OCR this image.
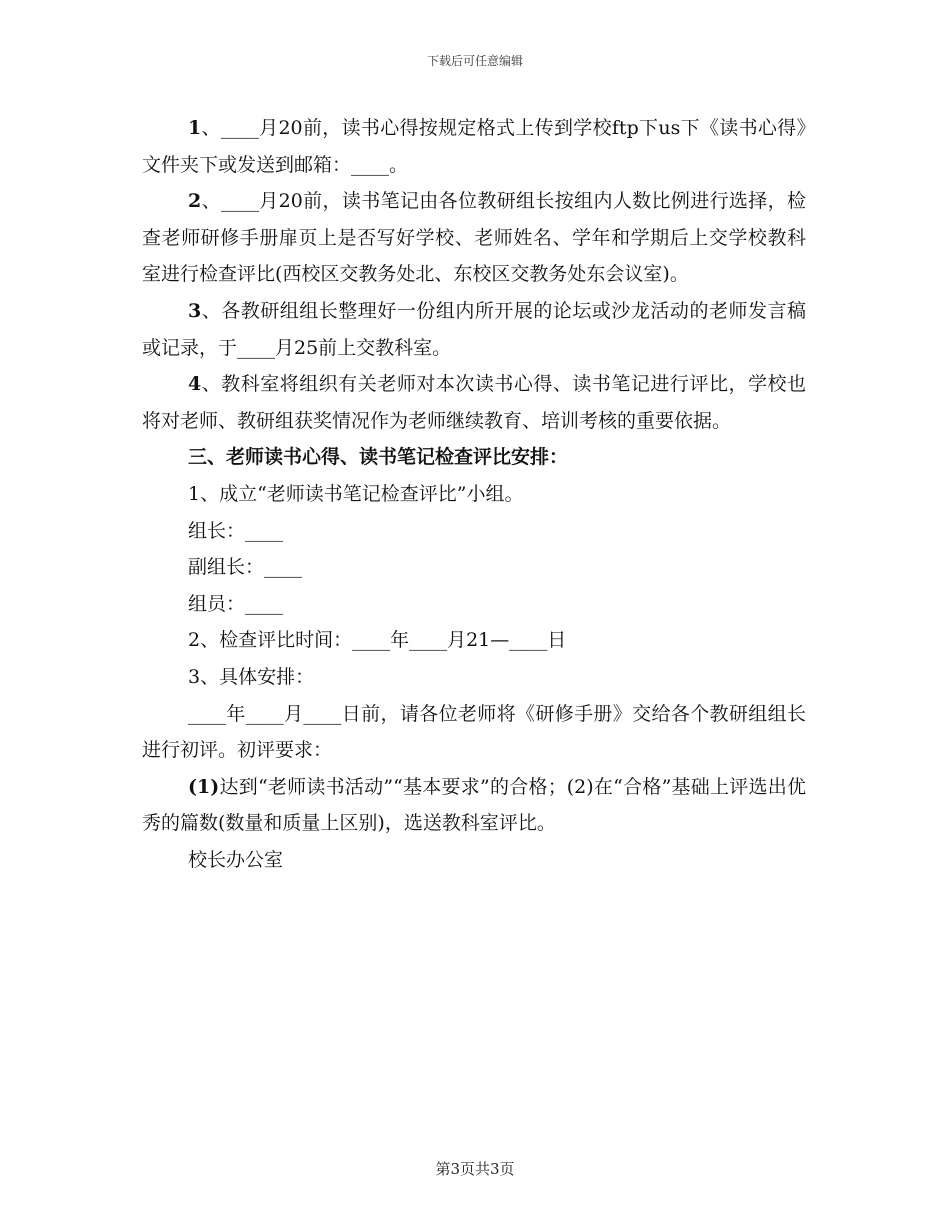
下载后可任意编辑

1、____月20前，读书心得按规定格式上传到学校ftp下us下《读书心得》文件夹下或发送到邮箱：____。

2、____月20前，读书笔记由各位教研组长按组内人数比例进行选择，检查老师研修手册扉页上是否写好学校、老师姓名、学年和学期后上交学校教科室进行检查评比(西校区交教务处北、东校区交教务处东会议室)。

3、各教研组组长整理好一份组内所开展的论坛或沙龙活动的老师发言稿或记录，于____月25前上交教科室。

4、教科室将组织有关老师对本次读书心得、读书笔记进行评比，学校也将对老师、教研组获奖情况作为老师继续教育、培训考核的重要依据。

三、老师读书心得、读书笔记检查评比安排：

1、成立“老师读书笔记检查评比”小组。

组长：____

副组长：____

组员：____

2、检查评比时间：____年____月21—____日

3、具体安排：

____年____月____日前，请各位老师将《研修手册》交给各个教研组组长进行初评。初评要求：

(1)达到“老师读书活动”“基本要求”的合格；(2)在“合格”基础上评选出优秀的篇数(数量和质量上区别)，选送教科室评比。

校长办公室

第3页共3页
